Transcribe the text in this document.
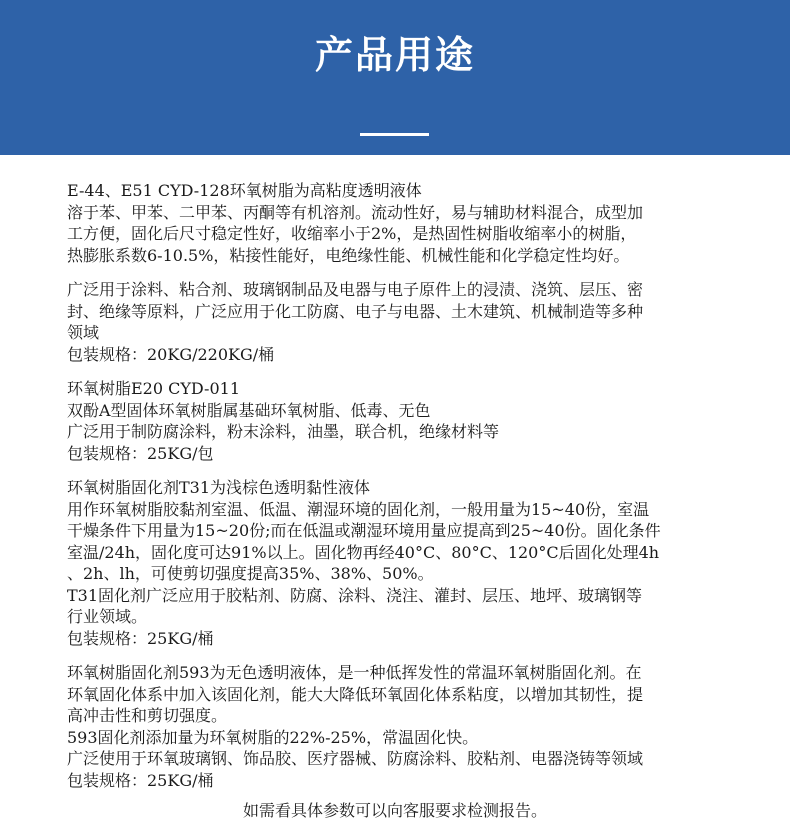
产品用途
E-44、E51 CYD-128环氧树脂为高粘度透明液体
溶于苯、甲苯、二甲苯、丙酮等有机溶剂。流动性好，易与辅助材料混合，成型加
工方便，固化后尺寸稳定性好，收缩率小于2%，是热固性树脂收缩率小的树脂，
热膨胀系数6-10.5%，粘接性能好，电绝缘性能、机械性能和化学稳定性均好。
广泛用于涂料、粘合剂、玻璃钢制品及电器与电子原件上的浸渍、浇筑、层压、密
封、绝缘等原料，广泛应用于化工防腐、电子与电器、土木建筑、机械制造等多种
领域
包装规格：20KG/220KG/桶
环氧树脂E20 CYD-011
双酚A型固体环氧树脂属基础环氧树脂、低毒、无色
广泛用于制防腐涂料，粉末涂料，油墨，联合机，绝缘材料等
包装规格：25KG/包
环氧树脂固化剂T31为浅棕色透明黏性液体
用作环氧树脂胶黏剂室温、低温、潮湿环境的固化剂，一般用量为15~40份，室温
干燥条件下用量为15~20份;而在低温或潮湿环境用量应提高到25~40份。固化条件
室温/24h，固化度可达91%以上。固化物再经40°C、80°C、120°C后固化处理4h
、2h、lh，可使剪切强度提高35%、38%、50%。
T31固化剂广泛应用于胶粘剂、防腐、涂料、浇注、灌封、层压、地坪、玻璃钢等
行业领域。
包装规格：25KG/桶
环氧树脂固化剂593为无色透明液体，是一种低挥发性的常温环氧树脂固化剂。在
环氧固化体系中加入该固化剂，能大大降低环氧固化体系粘度，以增加其韧性，提
高冲击性和剪切强度。
593固化剂添加量为环氧树脂的22%-25%，常温固化快。
广泛使用于环氧玻璃钢、饰品胶、医疗器械、防腐涂料、胶粘剂、电器浇铸等领域
包装规格：25KG/桶
如需看具体参数可以向客服要求检测报告。
